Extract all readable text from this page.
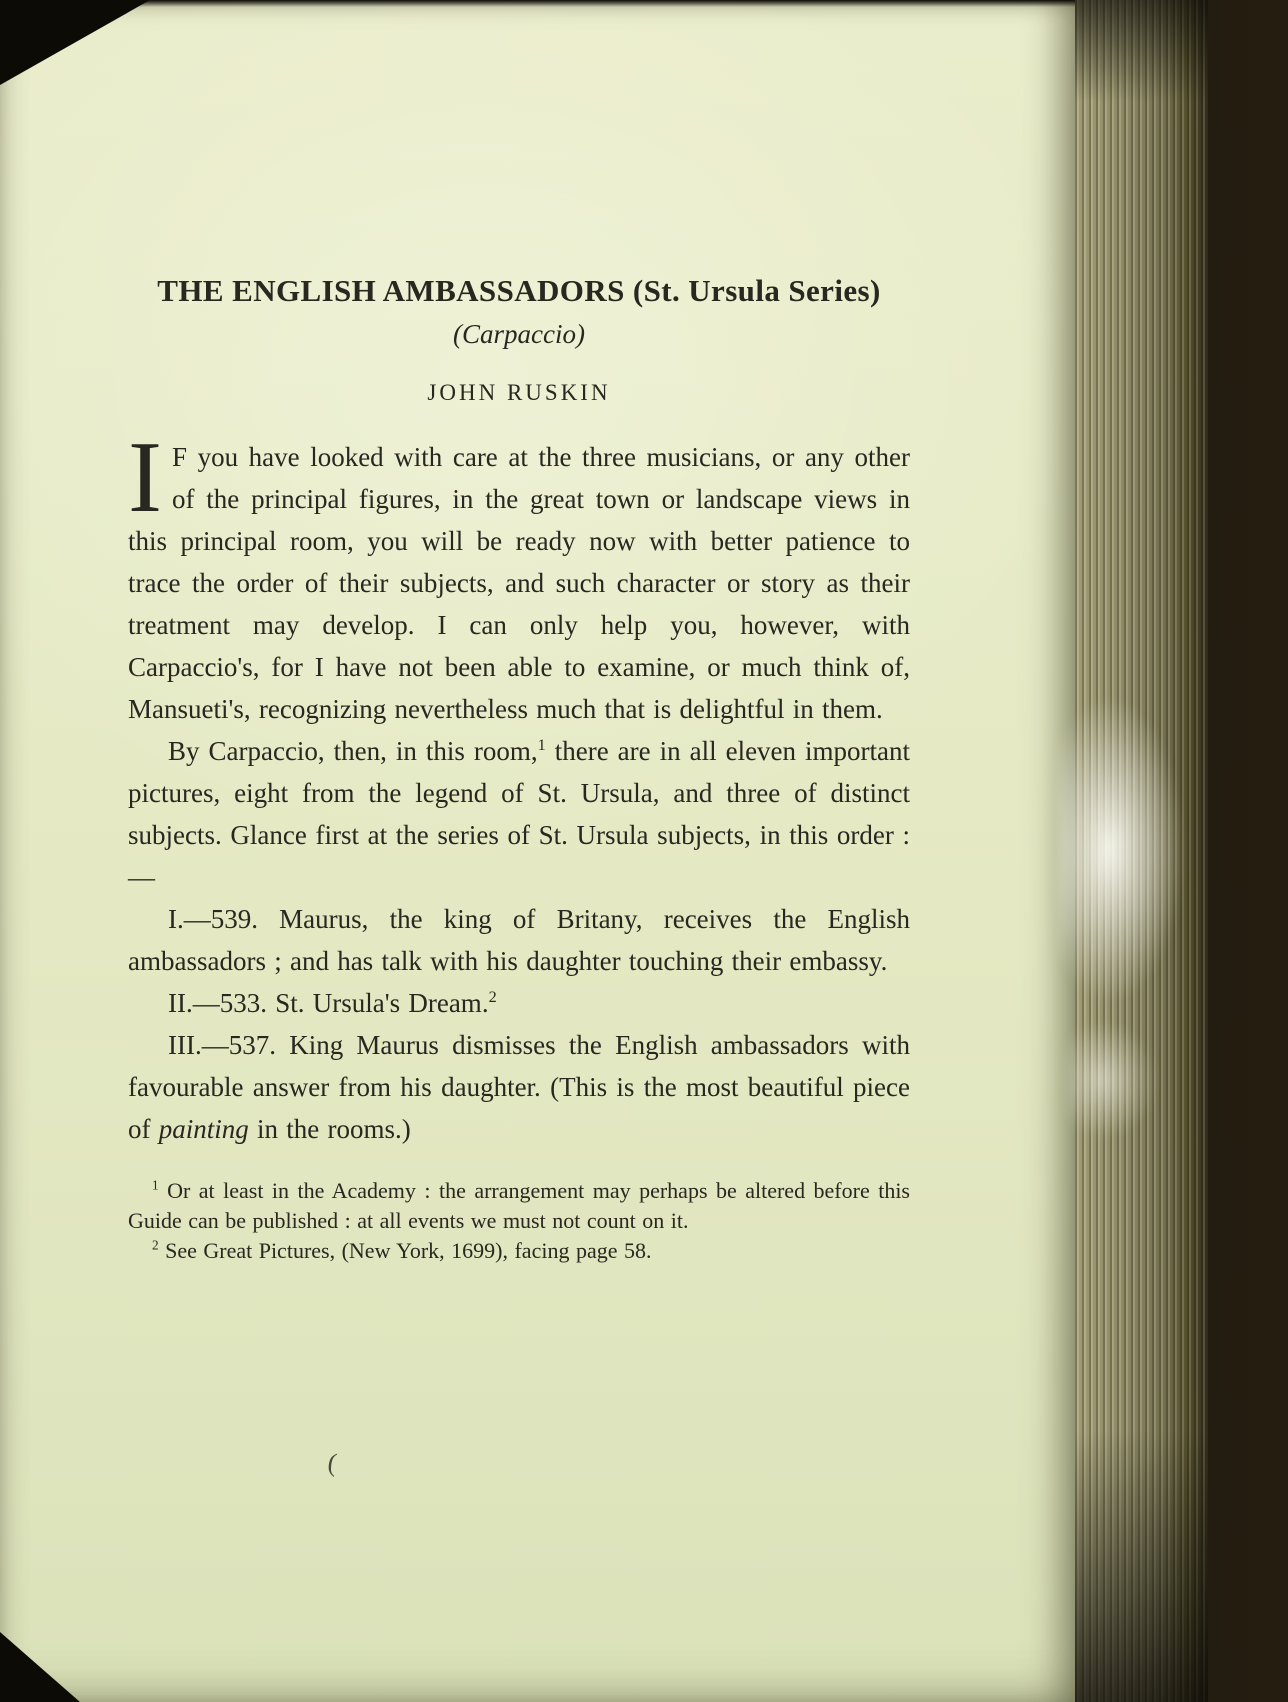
THE ENGLISH AMBASSADORS (St. Ursula Series)
(Carpaccio)
JOHN RUSKIN

I F you have looked with care at the three musicians, or any other of the principal figures, in the great town or landscape views in this principal room, you will be ready now with better patience to trace the order of their subjects, and such character or story as their treatment may develop. I can only help you, however, with Carpaccio's, for I have not been able to examine, or much think of, Mansueti's, recognizing nevertheless much that is delightful in them.

By Carpaccio, then, in this room,$^1$ there are in all eleven important pictures, eight from the legend of St. Ursula, and three of distinct subjects. Glance first at the series of St. Ursula subjects, in this order :—

I.—539. Maurus, the king of Britany, receives the English ambassadors ; and has talk with his daughter touching their embassy.

II.—533. St. Ursula's Dream.$^2$

III.—537. King Maurus dismisses the English ambassadors with favourable answer from his daughter. (This is the most beautiful piece of painting in the rooms.)

$^1$ Or at least in the Academy : the arrangement may perhaps be altered before this Guide can be published : at all events we must not count on it.

$^2$ See Great Pictures, (New York, 1699), facing page 58.

(
